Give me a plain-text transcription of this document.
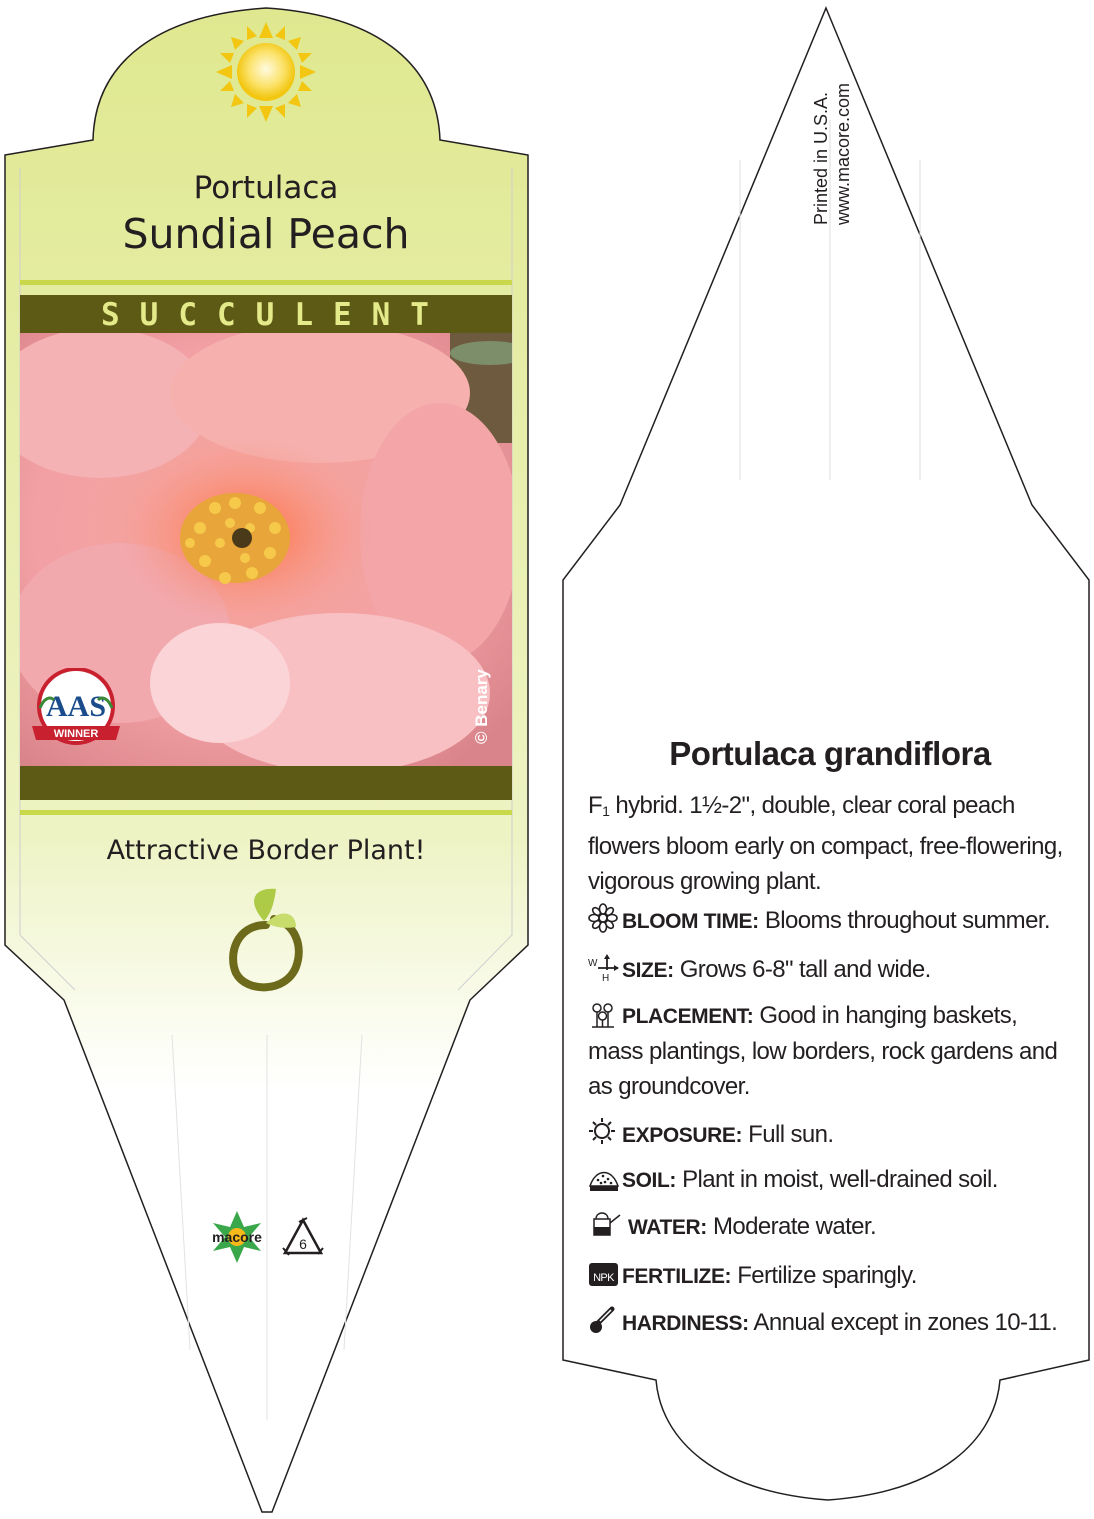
Portulaca
Sundial Peach
SUCCULENT
© Benary
AAS
WINNER
Attractive Border Plant!
macore	6
Printed in U.S.A. www.macore.com
Portulaca grandiflora
F1 hybrid. 1½-2", double, clear coral peach flowers bloom early on compact, free-flowering, vigorous growing plant.
BLOOM TIME: Blooms throughout summer.
W
H SIZE: Grows 6-8" tall and wide.
PLACEMENT: Good in hanging baskets, mass plantings, low borders, rock gardens and as groundcover.
EXPOSURE: Full sun.
SOIL: Plant in moist, well-drained soil.
WATER: Moderate water.
NPK FERTILIZE: Fertilize sparingly.
HARDINESS: Annual except in zones 10-11.
